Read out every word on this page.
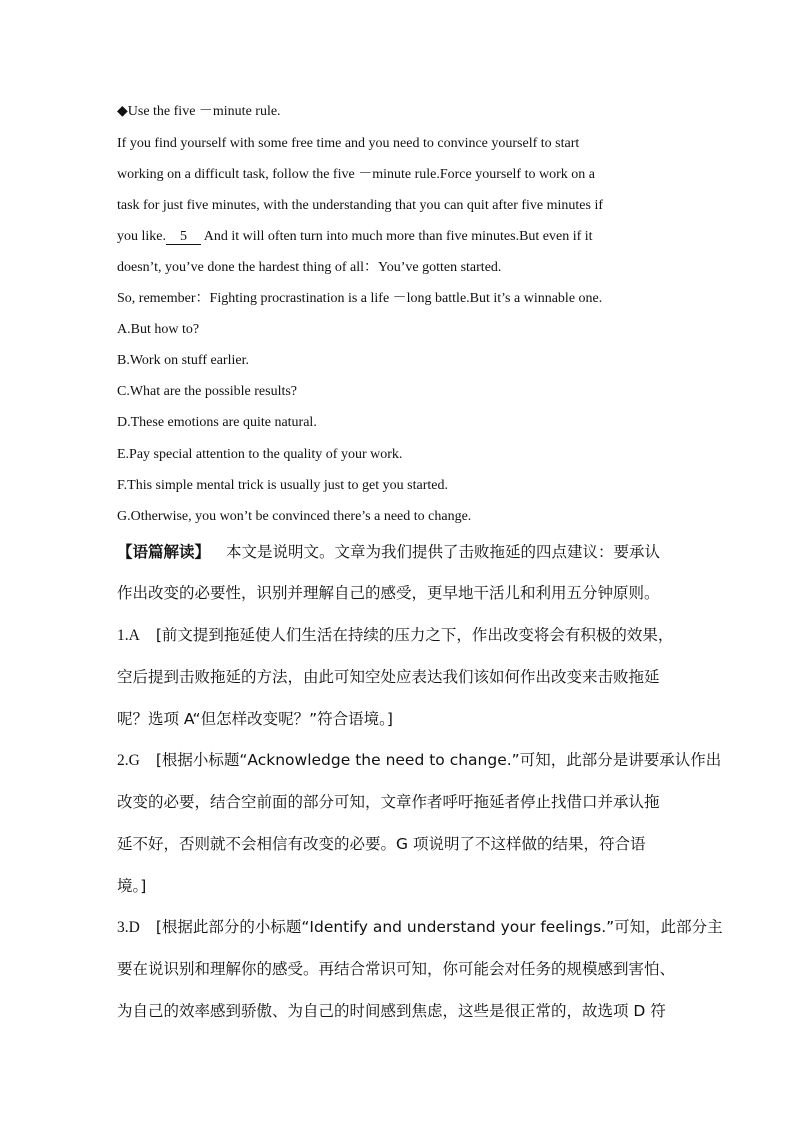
◆Use the five －minute rule.
If you find yourself with some free time and you need to convince yourself to start
working on a difficult task, follow the five －minute rule.Force yourself to work on a
task for just five minutes, with the understanding that you can quit after five minutes if
you like. 5 And it will often turn into much more than five minutes.But even if it
doesn’t, you’ve done the hardest thing of all：You’ve gotten started.
So, remember：Fighting procrastination is a life －long battle.But it’s a winnable one.
A.But how to?
B.Work on stuff earlier.
C.What are the possible results?
D.These emotions are quite natural.
E.Pay special attention to the quality of your work.
F.This simple mental trick is usually just to get you started.
G.Otherwise, you won’t be convinced there’s a need to change.
【语篇解读】 本文是说明文。文章为我们提供了击败拖延的四点建议：要承认
作出改变的必要性，识别并理解自己的感受，更早地干活儿和利用五分钟原则。
1.A [前文提到拖延使人们生活在持续的压力之下，作出改变将会有积极的效果，
空后提到击败拖延的方法，由此可知空处应表达我们该如何作出改变来击败拖延
呢？选项 A“但怎样改变呢？”符合语境。]
2.G [根据小标题“Acknowledge the need to change.”可知，此部分是讲要承认作出
改变的必要，结合空前面的部分可知，文章作者呼吁拖延者停止找借口并承认拖
延不好，否则就不会相信有改变的必要。G 项说明了不这样做的结果，符合语
境。]
3.D [根据此部分的小标题“Identify and understand your feelings.”可知，此部分主
要在说识别和理解你的感受。再结合常识可知，你可能会对任务的规模感到害怕、
为自己的效率感到骄傲、为自己的时间感到焦虑，这些是很正常的，故选项 D 符
